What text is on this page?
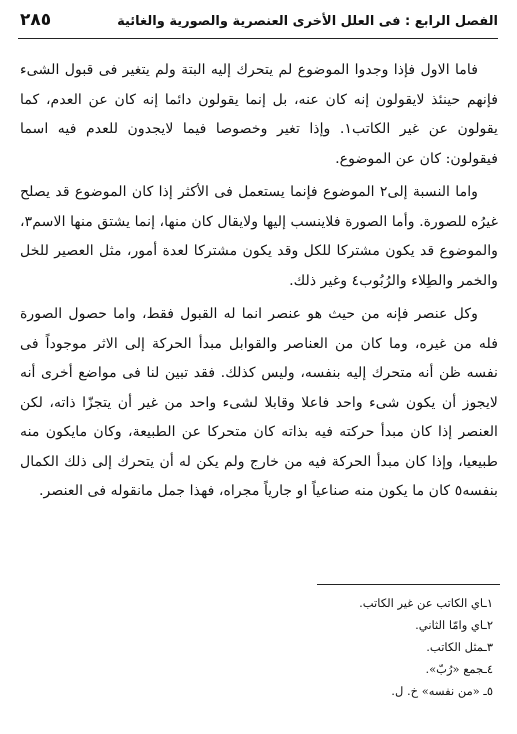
٢٨٥	الفصل الرابع : فى العلل الأخرى العنصرية والصورية والغائية

فاما الاول فإذا وجدوا الموضوع لم يتحرك إليه البتة ولم يتغير فى قبول الشىء فإنهم حينئذ لايقولون إنه كان عنه، بل إنما يقولون دائما إنه كان عن العدم، كما يقولون عن غير الكاتب١. وإذا تغير وخصوصا فيما لايجدون للعدم فيه اسما فيقولون: كان عن الموضوع.

واما النسبة إلى٢ الموضوع فإنما يستعمل فى الأكثر إذا كان الموضوع قد يصلح غيرُه للصورة. وأما الصورة فلاينسب إليها ولايقال كان منها، إنما يشتق منها الاسم٣، والموضوع قد يكون مشتركا للكل وقد يكون مشتركا لعدة أمور، مثل العصير للخل والخمر والطِلاء والرُبُوب٤ وغير ذلك.

وكل عنصر فإنه من حيث هو عنصر انما له القبول فقط، واما حصول الصورة فله من غيره، وما كان من العناصر والقوابل مبدأ الحركة إلى الاثر موجوداً فى نفسه ظن أنه متحرك إليه بنفسه، وليس كذلك. فقد تبين لنا فى مواضع أخرى أنه لايجوز أن يكون شىء واحد فاعلا وقابلا لشىء واحد من غير أن يتجزّا ذاته، لكن العنصر إذا كان مبدأ حركته فيه بذاته كان متحركا عن الطبيعة، وكان مايكون منه طبيعيا، وإذا كان مبدأ الحركة فيه من خارج ولم يكن له أن يتحرك إلى ذلك الكمال بنفسه٥ كان ما يكون منه صناعياً او جارياً مجراه، فهذا جمل مانقوله فى العنصر.

١ـاي الكاتب عن غير الكاتب.
٢ـاي وامّا الثاني.
٣ـمثل الكاتب.
٤ـجمع «رُبّ».
٥ـ «من نفسه» خ. ل.
